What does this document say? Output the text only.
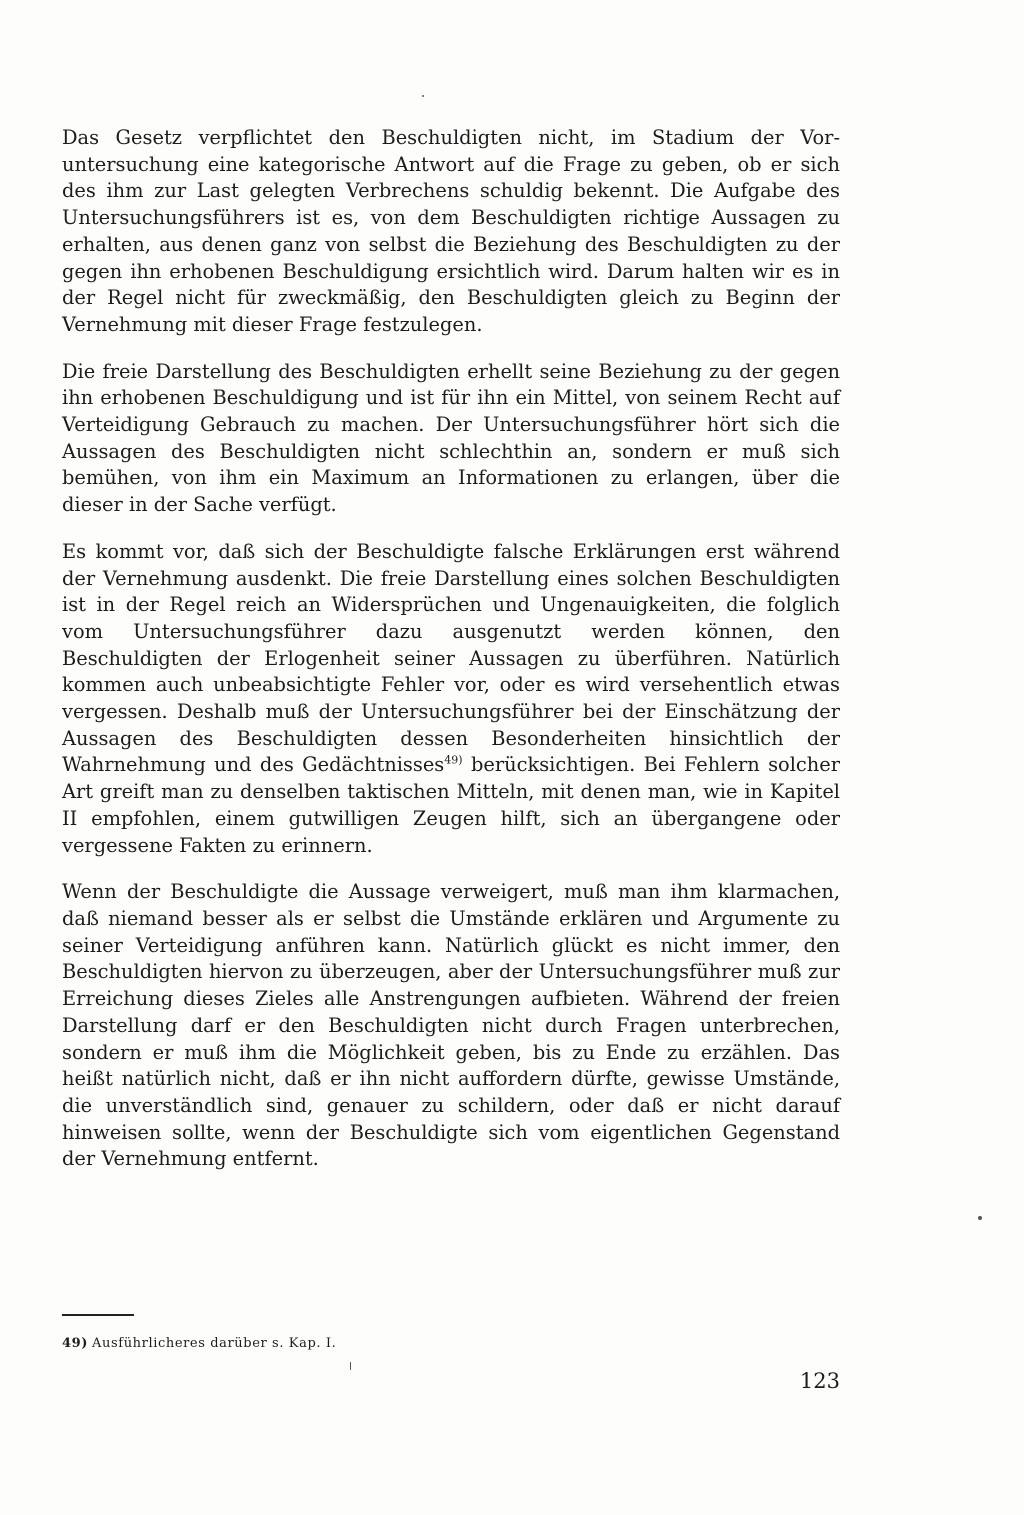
Das Gesetz verpflichtet den Beschuldigten nicht, im Stadium der Voruntersuchung eine kategorische Antwort auf die Frage zu geben, ob er sich des ihm zur Last gelegten Verbrechens schuldig bekennt. Die Aufgabe des Untersuchungsführers ist es, von dem Beschuldigten richtige Aussagen zu erhalten, aus denen ganz von selbst die Beziehung des Beschuldigten zu der gegen ihn erhobenen Beschuldigung ersichtlich wird. Darum halten wir es in der Regel nicht für zweckmäßig, den Beschuldigten gleich zu Beginn der Vernehmung mit dieser Frage festzulegen.

Die freie Darstellung des Beschuldigten erhellt seine Beziehung zu der gegen ihn erhobenen Beschuldigung und ist für ihn ein Mittel, von seinem Recht auf Verteidigung Gebrauch zu machen. Der Untersuchungsführer hört sich die Aussagen des Beschuldigten nicht schlechthin an, sondern er muß sich bemühen, von ihm ein Maximum an Informationen zu erlangen, über die dieser in der Sache verfügt.

Es kommt vor, daß sich der Beschuldigte falsche Erklärungen erst während der Vernehmung ausdenkt. Die freie Darstellung eines solchen Beschuldigten ist in der Regel reich an Widersprüchen und Ungenauigkeiten, die folglich vom Untersuchungsführer dazu ausgenutzt werden können, den Beschuldigten der Erlogenheit seiner Aussagen zu überführen. Natürlich kommen auch unbeabsichtigte Fehler vor, oder es wird versehentlich etwas vergessen. Deshalb muß der Untersuchungsführer bei der Einschätzung der Aussagen des Beschuldigten dessen Besonderheiten hinsichtlich der Wahrnehmung und des Gedächtnisses$^{49)}$ berücksichtigen. Bei Fehlern solcher Art greift man zu denselben taktischen Mitteln, mit denen man, wie in Kapitel II empfohlen, einem gutwilligen Zeugen hilft, sich an übergangene oder vergessene Fakten zu erinnern.

Wenn der Beschuldigte die Aussage verweigert, muß man ihm klarmachen, daß niemand besser als er selbst die Umstände erklären und Argumente zu seiner Verteidigung anführen kann. Natürlich glückt es nicht immer, den Beschuldigten hiervon zu überzeugen, aber der Untersuchungsführer muß zur Erreichung dieses Zieles alle Anstrengungen aufbieten. Während der freien Darstellung darf er den Beschuldigten nicht durch Fragen unterbrechen, sondern er muß ihm die Möglichkeit geben, bis zu Ende zu erzählen. Das heißt natürlich nicht, daß er ihn nicht auffordern dürfte, gewisse Umstände, die unverständlich sind, genauer zu schildern, oder daß er nicht darauf hinweisen sollte, wenn der Beschuldigte sich vom eigentlichen Gegenstand der Vernehmung entfernt.

49) Ausführlicheres darüber s. Kap. I.
123
